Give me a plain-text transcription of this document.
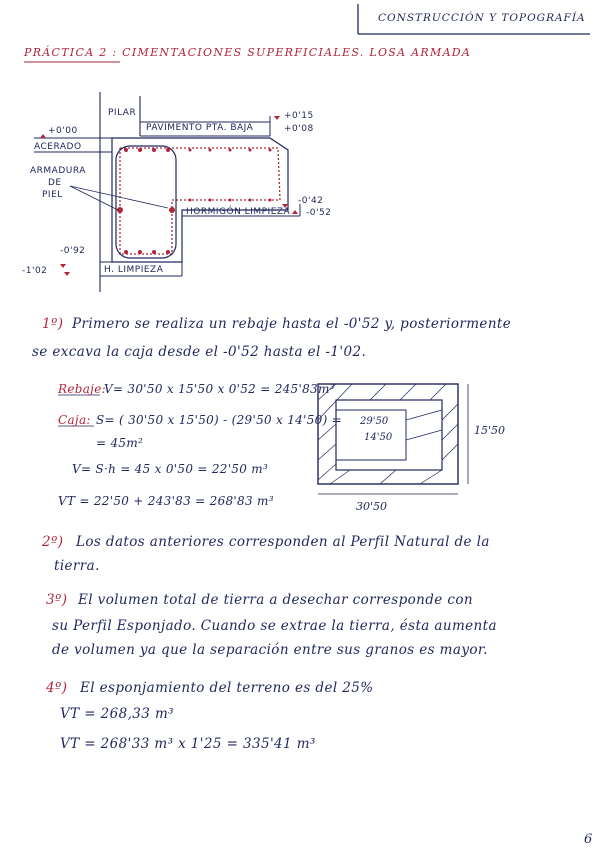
CONSTRUCCIÓN Y TOPOGRAFÍA
PRÁCTICA 2 : CIMENTACIONES SUPERFICIALES. LOSA ARMADA
PILAR
PAVIMENTO PTA. BAJA
+0'15
+0'08
+0'00
ACERADO
ARMADURA
DE
PIEL
-0'42
-0'52
HORMIGÓN LIMPIEZA
-0'92
-1'02	H. LIMPIEZA
1º) Primero se realiza un rebaje hasta el -0'52 y, posteriormente
se excava la caja desde el -0'52 hasta el -1'02.
Rebaje:
V= 30'50 x 15'50 x 0'52 = 245'83m³
Caja: S= ( 30'50 x 15'50) - (29'50 x 14'50) =
= 45m²
V= S·h = 45 x 0'50 = 22'50 m³
VT = 22'50 + 243'83 = 268'83 m³
29'50
14'50
15'50
30'50
2º) Los datos anteriores corresponden al Perfil Natural de la
tierra.
3º) El volumen total de tierra a desechar corresponde con
su Perfil Esponjado. Cuando se extrae la tierra, ésta aumenta
de volumen ya que la separación entre sus granos es mayor.
4º) El esponjamiento del terreno es del 25%
VT = 268,33 m³
VT = 268'33 m³ x 1'25 = 335'41 m³
6
